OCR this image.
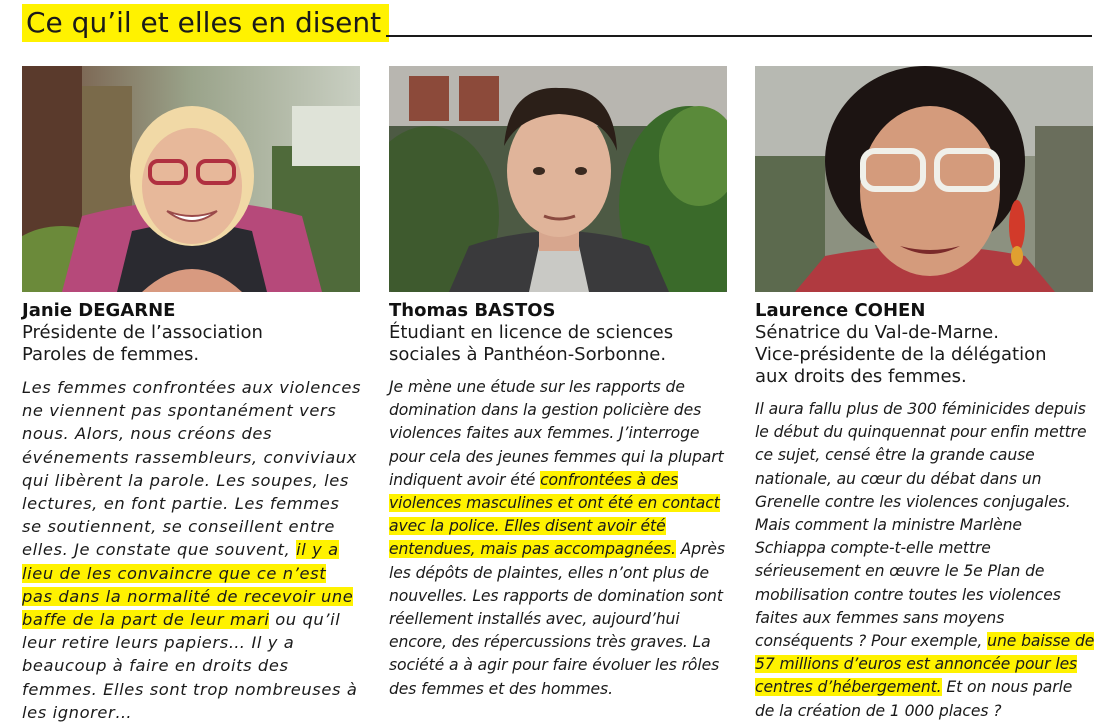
Ce qu’il et elles en disent
Janie DEGARNE
Présidente de l’association
Paroles de femmes.
Les femmes confrontées aux violences ne viennent pas spontanément vers nous. Alors, nous créons des événements rassembleurs, conviviaux qui libèrent la parole. Les soupes, les lectures, en font partie. Les femmes se soutiennent, se conseillent entre elles. Je constate que souvent, il y a lieu de les convaincre que ce n’est pas dans la normalité de recevoir une baffe de la part de leur mari ou qu’il leur retire leurs papiers… Il y a beaucoup à faire en droits des femmes. Elles sont trop nombreuses à les ignorer…
Thomas BASTOS
Étudiant en licence de sciences
sociales à Panthéon-Sorbonne.
Je mène une étude sur les rapports de domination dans la gestion policière des violences faites aux femmes. J’interroge pour cela des jeunes femmes qui la plupart indiquent avoir été confrontées à des violences masculines et ont été en contact avec la police. Elles disent avoir été entendues, mais pas accompagnées. Après les dépôts de plaintes, elles n’ont plus de nouvelles. Les rapports de domination sont réellement installés avec, aujourd’hui encore, des répercussions très graves. La société a à agir pour faire évoluer les rôles des femmes et des hommes.
Laurence COHEN
Sénatrice du Val-de-Marne.
Vice-présidente de la délégation
aux droits des femmes.
Il aura fallu plus de 300 féminicides depuis le début du quinquennat pour enfin mettre ce sujet, censé être la grande cause nationale, au cœur du débat dans un Grenelle contre les violences conjugales. Mais comment la ministre Marlène Schiappa compte-t-elle mettre sérieusement en œuvre le 5e Plan de mobilisation contre toutes les violences faites aux femmes sans moyens conséquents ? Pour exemple, une baisse de 57 millions d’euros est annoncée pour les centres d’hébergement. Et on nous parle de la création de 1 000 places ?
